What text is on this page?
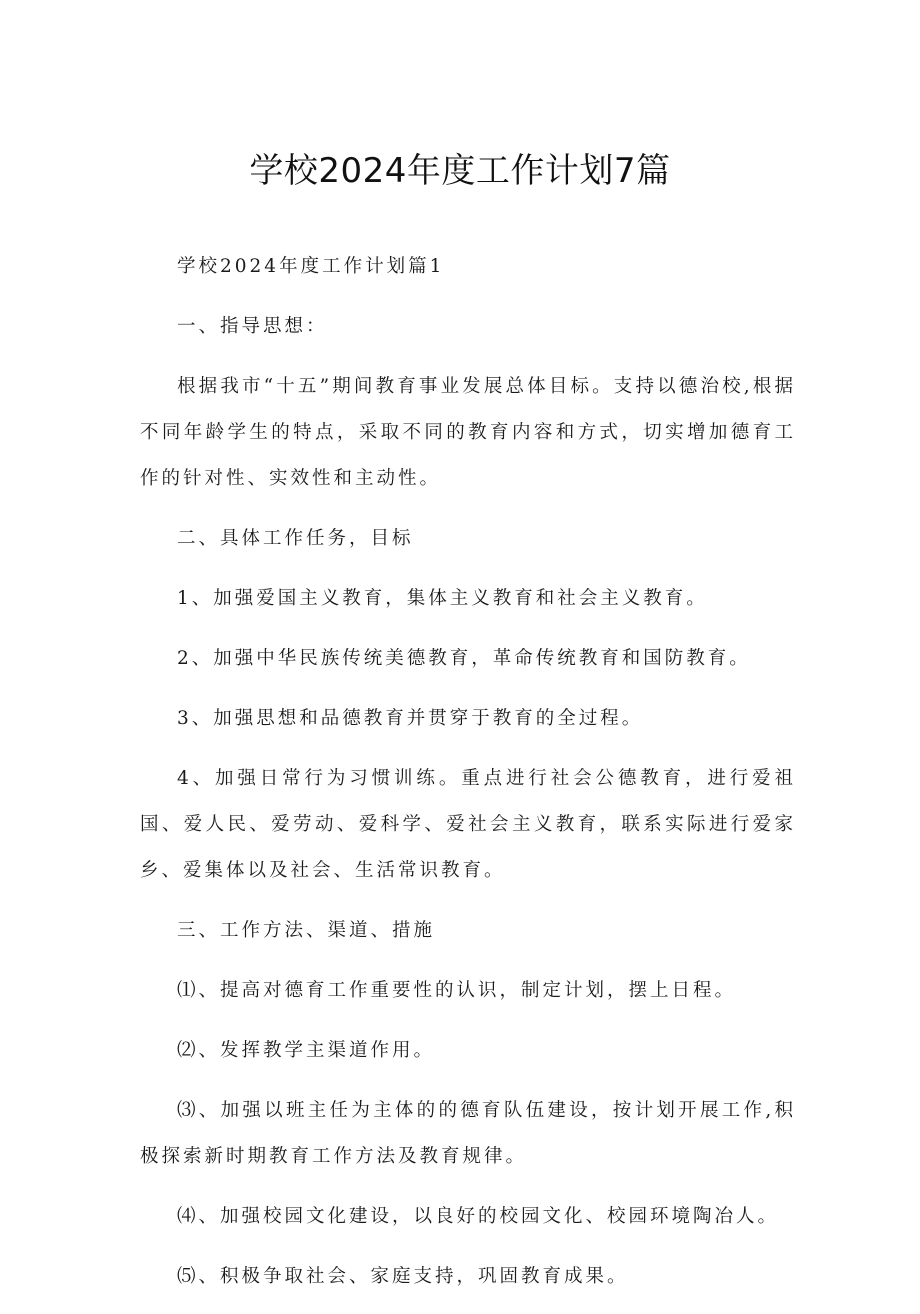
学校2024年度工作计划7篇

学校2024年度工作计划篇1

一、指导思想：

根据我市“十五”期间教育事业发展总体目标。支持以德治校,根据不同年龄学生的特点，采取不同的教育内容和方式，切实增加德育工作的针对性、实效性和主动性。

二、具体工作任务，目标

1、加强爱国主义教育，集体主义教育和社会主义教育。

2、加强中华民族传统美德教育，革命传统教育和国防教育。

3、加强思想和品德教育并贯穿于教育的全过程。

4、加强日常行为习惯训练。重点进行社会公德教育，进行爱祖国、爱人民、爱劳动、爱科学、爱社会主义教育，联系实际进行爱家乡、爱集体以及社会、生活常识教育。

三、工作方法、渠道、措施

⑴、提高对德育工作重要性的认识，制定计划，摆上日程。

⑵、发挥教学主渠道作用。

⑶、加强以班主任为主体的的德育队伍建设，按计划开展工作,积极探索新时期教育工作方法及教育规律。

⑷、加强校园文化建设，以良好的校园文化、校园环境陶冶人。

⑸、积极争取社会、家庭支持，巩固教育成果。
